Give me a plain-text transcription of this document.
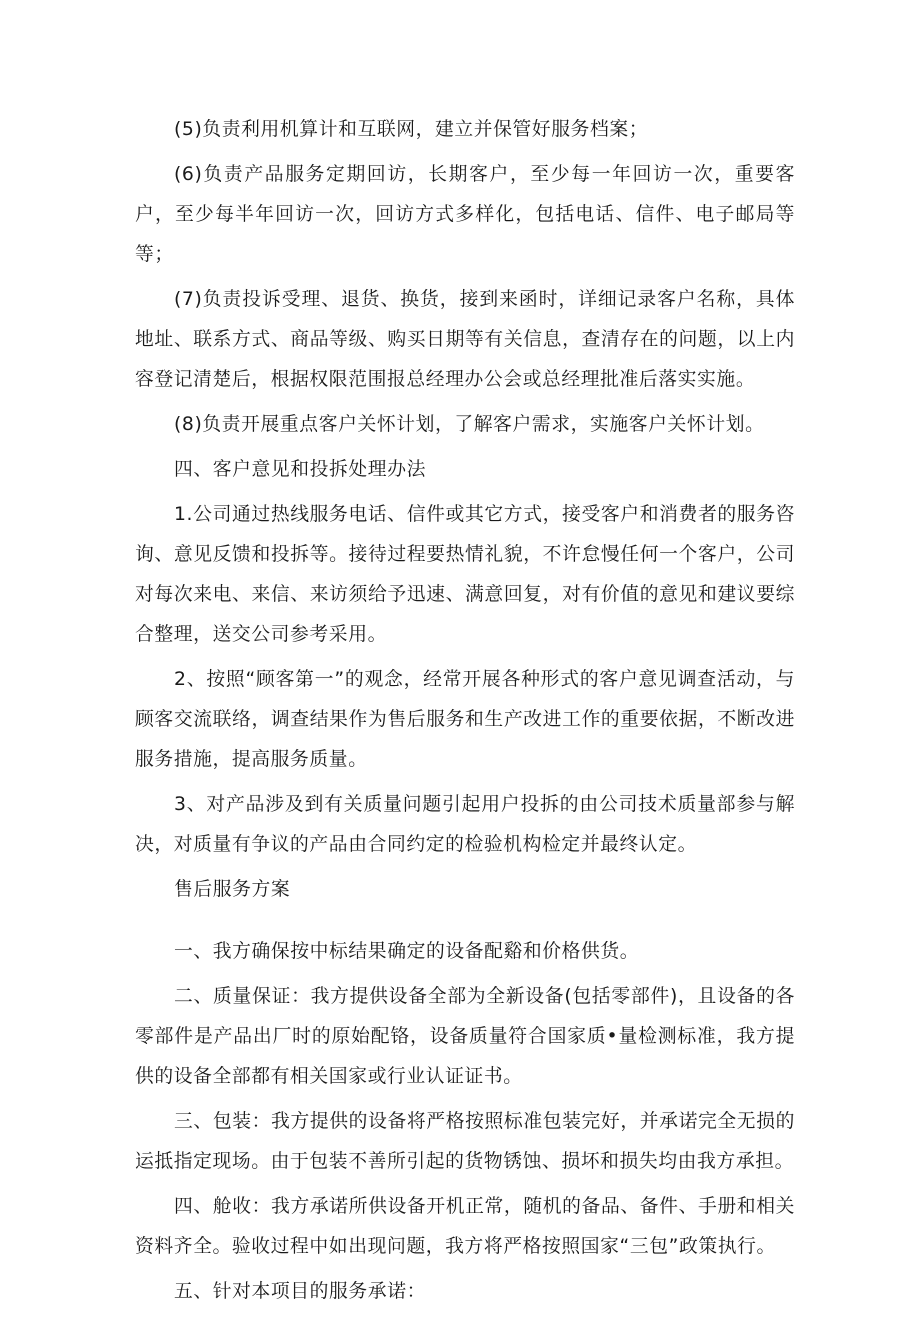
(5)负责利用机算计和互联网，建立并保管好服务档案；

(6)负责产品服务定期回访，长期客户，至少每一年回访一次，重要客户，至少每半年回访一次，回访方式多样化，包括电话、信件、电子邮局等等；

(7)负责投诉受理、退货、换货，接到来函时，详细记录客户名称，具体地址、联系方式、商品等级、购买日期等有关信息，查清存在的问题，以上内容登记清楚后，根据权限范围报总经理办公会或总经理批准后落实实施。

(8)负责开展重点客户关怀计划，了解客户需求，实施客户关怀计划。

四、客户意见和投拆处理办法

1.公司通过热线服务电话、信件或其它方式，接受客户和消费者的服务咨询、意见反馈和投拆等。接待过程要热情礼貌，不许怠慢任何一个客户，公司对每次来电、来信、来访须给予迅速、满意回复，对有价值的意见和建议要综合整理，送交公司参考采用。

2、按照“顾客第一”的观念，经常开展各种形式的客户意见调查活动，与顾客交流联络，调查结果作为售后服务和生产改进工作的重要依据，不断改进服务措施，提高服务质量。

3、对产品涉及到有关质量问题引起用户投拆的由公司技术质量部参与解决，对质量有争议的产品由合同约定的检验机构检定并最终认定。

售后服务方案

一、我方确保按中标结果确定的设备配谿和价格供货。

二、质量保证：我方提供设备全部为全新设备(包括零部件)，且设备的各零部件是产品出厂时的原始配铬，设备质量符合国家质•量检测标准，我方提供的设备全部都有相关国家或行业认证证书。

三、包装：我方提供的设备将严格按照标准包装完好，并承诺完全无损的运抵指定现场。由于包装不善所引起的货物锈蚀、损坏和损失均由我方承担。

四、舱收：我方承诺所供设备开机正常，随机的备品、备件、手册和相关资料齐全。验收过程中如出现问题，我方将严格按照国家“三包”政策执行。

五、针对本项目的服务承诺：
